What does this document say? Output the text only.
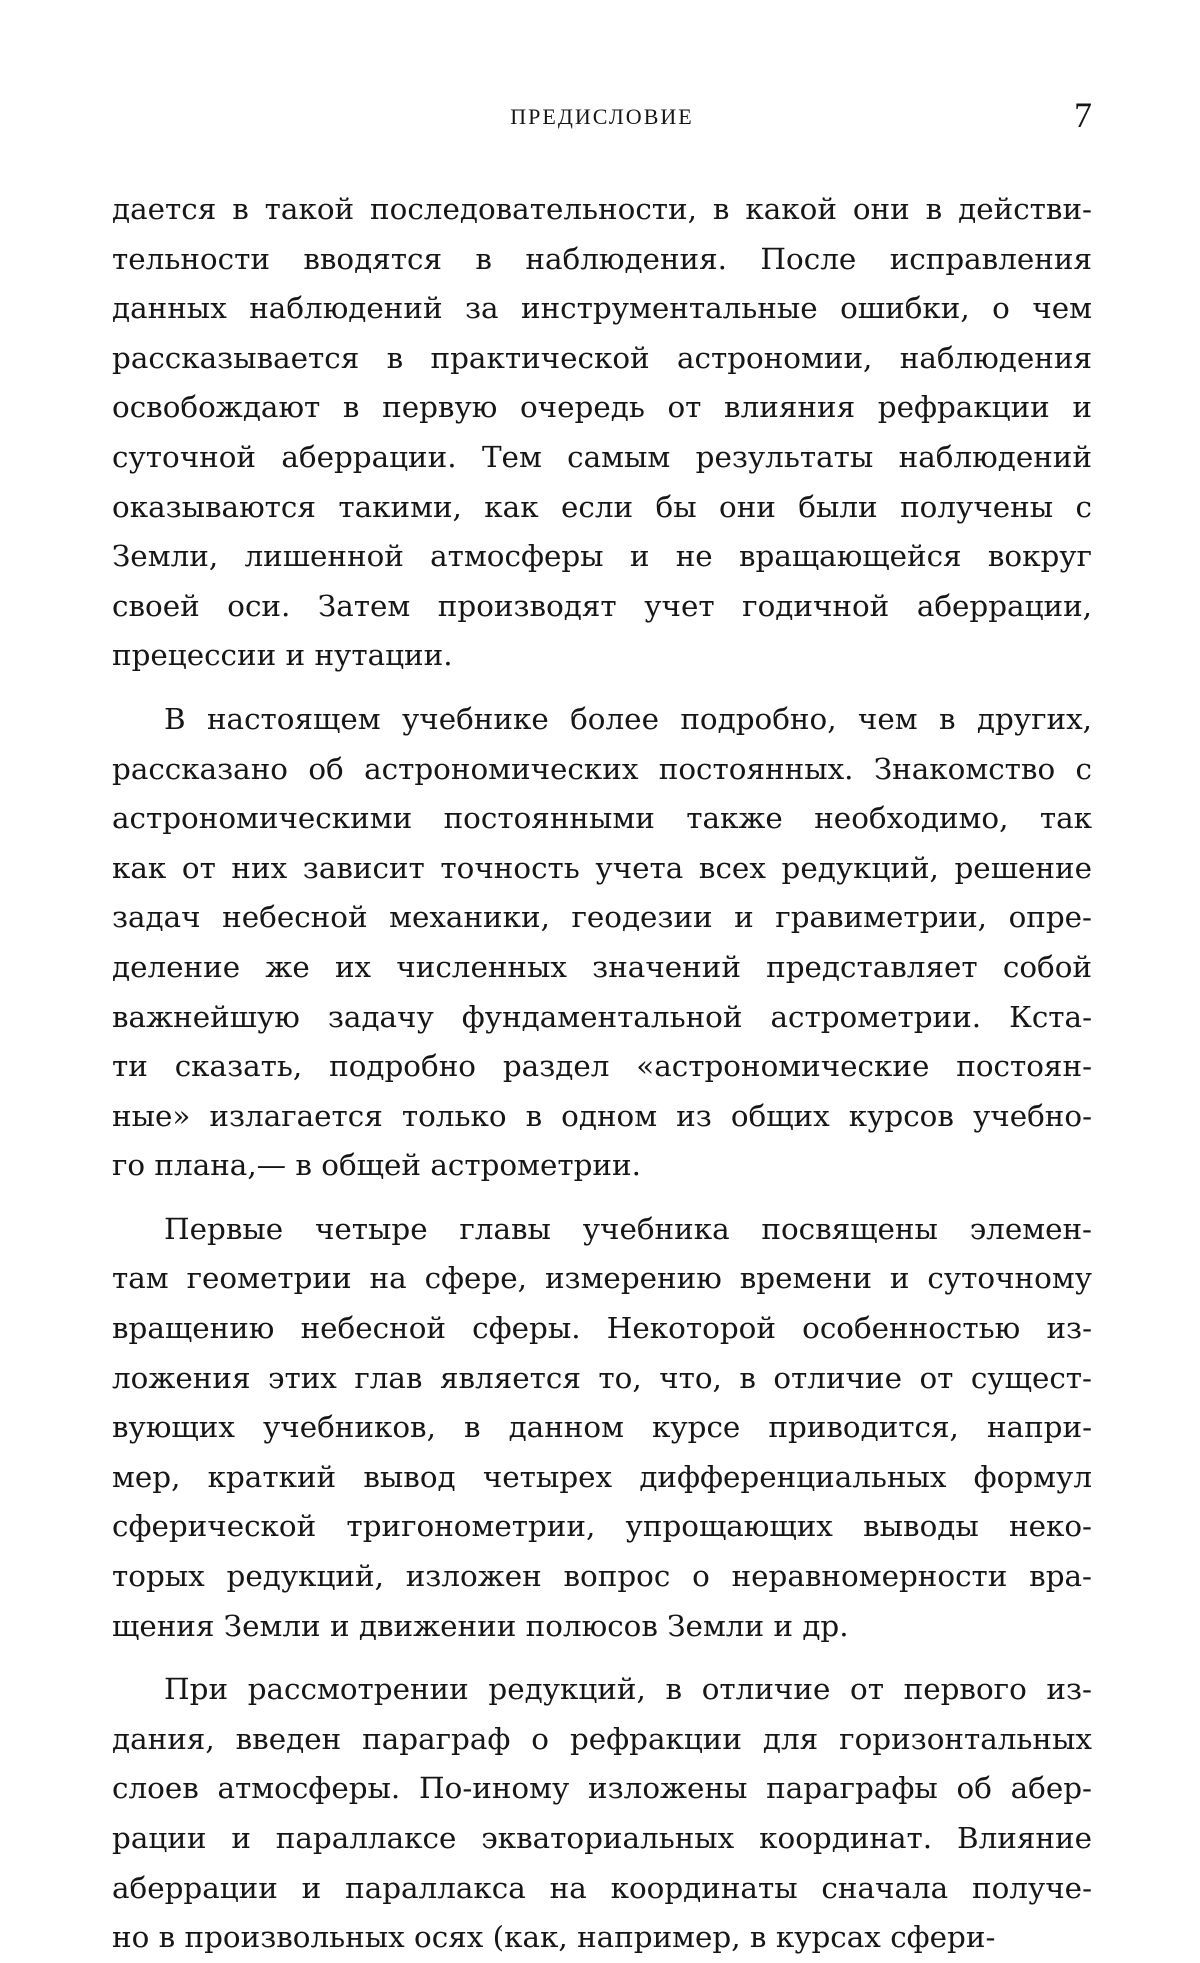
ПРЕДИСЛОВИЕ	7
дается в такой последовательности, в какой они в действи-
тельности вводятся в наблюдения. После исправления
данных наблюдений за инструментальные ошибки, о чем
рассказывается в практической астрономии, наблюдения
освобождают в первую очередь от влияния рефракции и
суточной аберрации. Тем самым результаты наблюдений
оказываются такими, как если бы они были получены с
Земли, лишенной атмосферы и не вращающейся вокруг
своей оси. Затем производят учет годичной аберрации,
прецессии и нутации.
В настоящем учебнике более подробно, чем в других,
рассказано об астрономических постоянных. Знакомство с
астрономическими постоянными также необходимо, так
как от них зависит точность учета всех редукций, решение
задач небесной механики, геодезии и гравиметрии, опре-
деление же их численных значений представляет собой
важнейшую задачу фундаментальной астрометрии. Кста-
ти сказать, подробно раздел «астрономические постоян-
ные» излагается только в одном из общих курсов учебно-
го плана,— в общей астрометрии.
Первые четыре главы учебника посвящены элемен-
там геометрии на сфере, измерению времени и суточному
вращению небесной сферы. Некоторой особенностью из-
ложения этих глав является то, что, в отличие от сущест-
вующих учебников, в данном курсе приводится, напри-
мер, краткий вывод четырех дифференциальных формул
сферической тригонометрии, упрощающих выводы неко-
торых редукций, изложен вопрос о неравномерности вра-
щения Земли и движении полюсов Земли и др.
При рассмотрении редукций, в отличие от первого из-
дания, введен параграф о рефракции для горизонтальных
слоев атмосферы. По-иному изложены параграфы об абер-
рации и параллаксе экваториальных координат. Влияние
аберрации и параллакса на координаты сначала получе-
но в произвольных осях (как, например, в курсах сфери-
